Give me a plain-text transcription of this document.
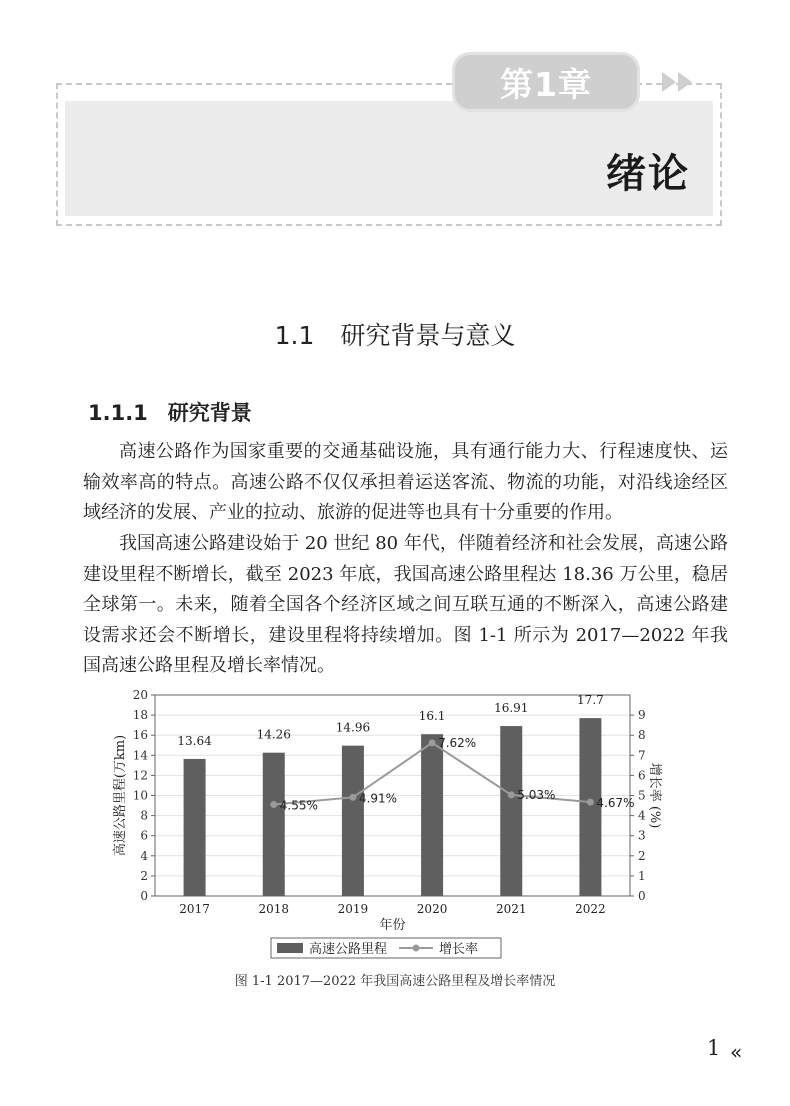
第1章
绪论
1.1 研究背景与意义
1.1.1 研究背景

高速公路作为国家重要的交通基础设施，具有通行能力大、行程速度快、运输效率高的特点。高速公路不仅仅承担着运送客流、物流的功能，对沿线途经区域经济的发展、产业的拉动、旅游的促进等也具有十分重要的作用。

我国高速公路建设始于 20 世纪 80 年代，伴随着经济和社会发展，高速公路建设里程不断增长，截至 2023 年底，我国高速公路里程达 18.36 万公里，稳居全球第一。未来，随着全国各个经济区域之间互联互通的不断深入，高速公路建设需求还会不断增长，建设里程将持续增加。图 1-1 所示为 2017—2022 年我国高速公路里程及增长率情况。

0
2
4
6
8
10
12
14
16
18
20
0
1
2
3
4
5
6
7
8
9
13.64	14.26
14.96
16.1
16.91
17.7
2017	2018	2019	2020	2021	2022
4.55%
4.91%
7.62%
5.03%
4.67%
年份
高速公路里程(万km)	增长率 (%)
高速公路里程	增长率
图 1-1 2017—2022 年我国高速公路里程及增长率情况
1 «
